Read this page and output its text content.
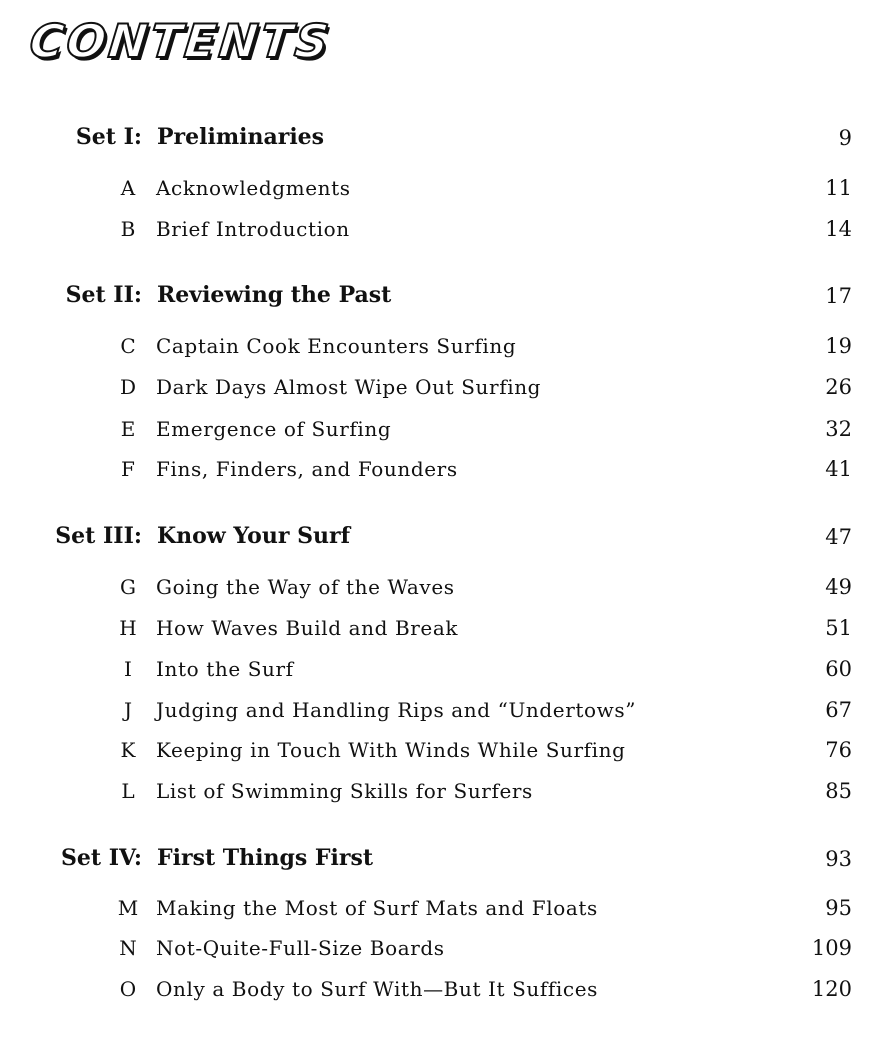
CONTENTS
Set I: Preliminaries	9
A	Acknowledgments	11
B	Brief Introduction	14
Set II: Reviewing the Past	17
C	Captain Cook Encounters Surfing	19
D Dark Days Almost Wipe Out Surfing	26
E	Emergence of Surfing	32
F	Fins, Finders, and Founders	41
Set III: Know Your Surf	47
G	Going the Way of the Waves	49
H How Waves Build and Break	51
I	Into the Surf	60
J	Judging and Handling Rips and “Undertows”	67
K	Keeping in Touch With Winds While Surfing	76
L	List of Swimming Skills for Surfers	85
Set IV: First Things First	93
M Making the Most of Surf Mats and Floats	95
N Not-Quite-Full-Size Boards	109
O Only a Body to Surf With—But It Suffices	120
